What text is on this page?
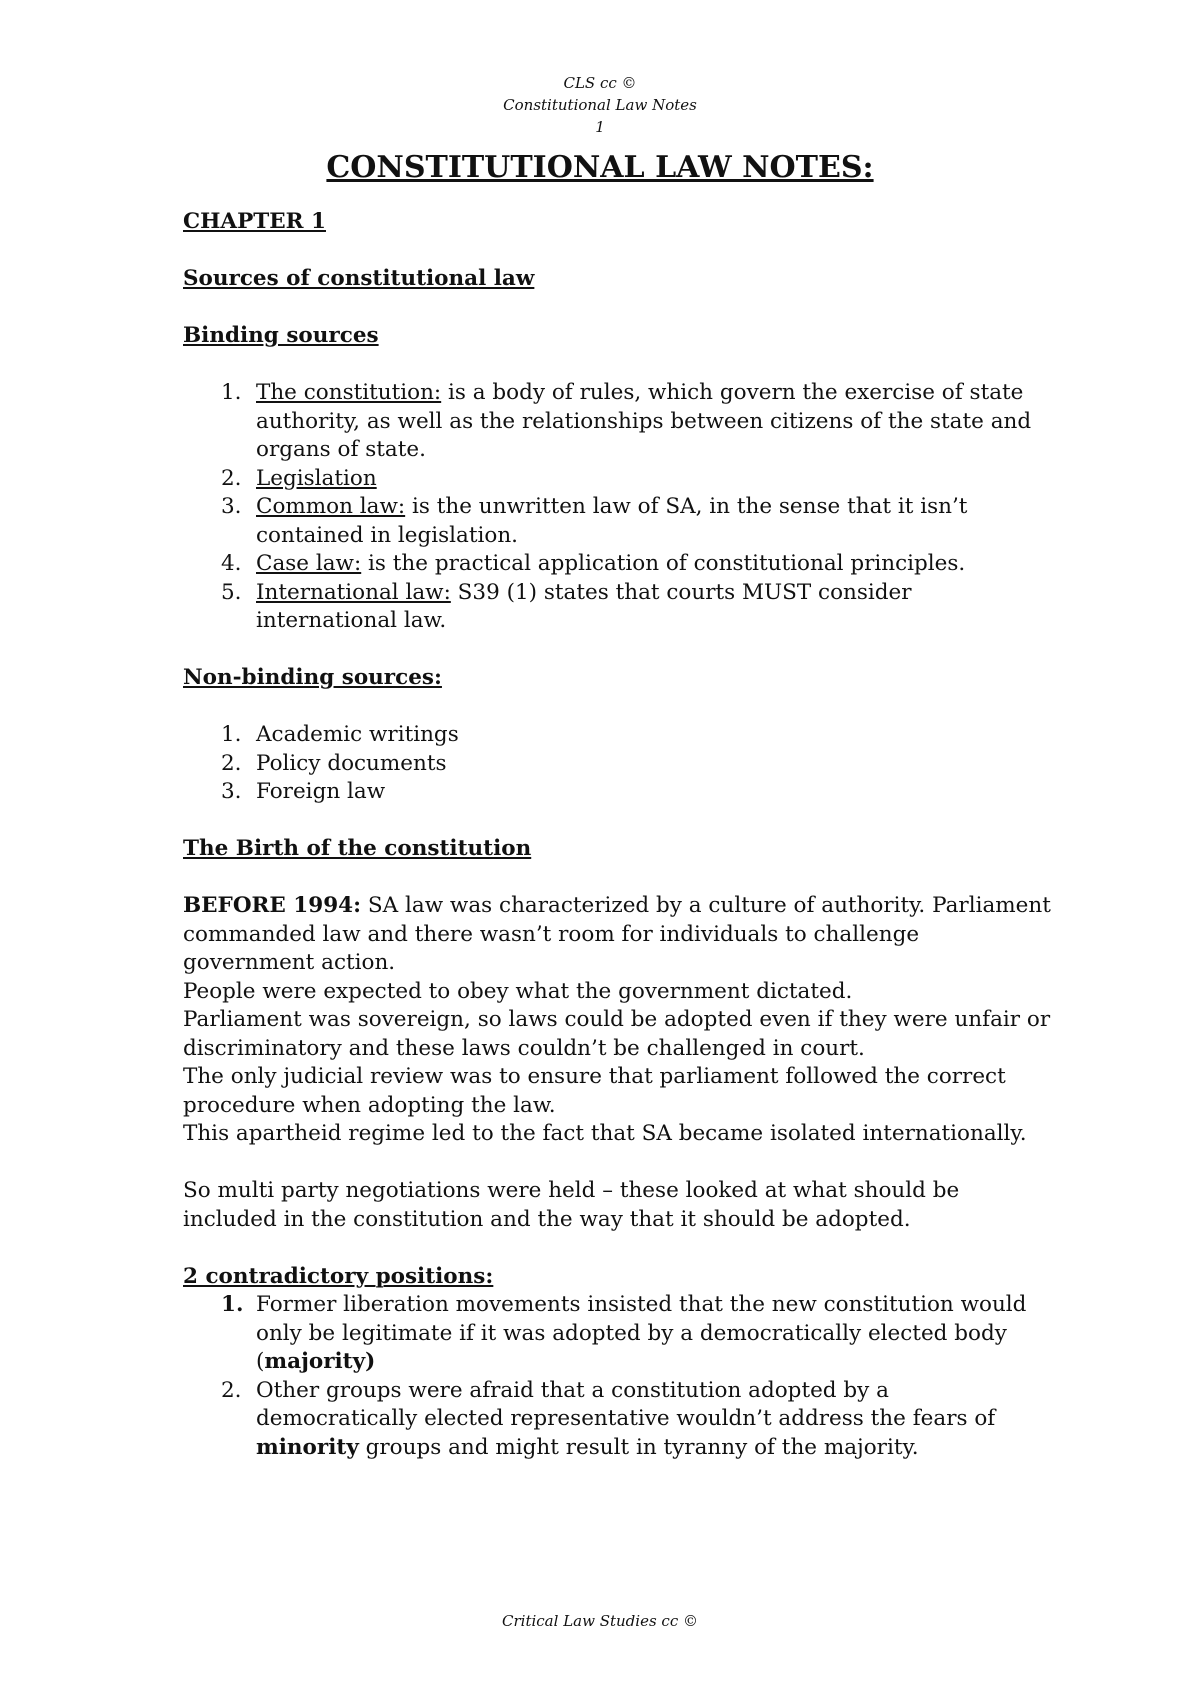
CLS cc ©
Constitutional Law Notes
1
CONSTITUTIONAL LAW NOTES:

CHAPTER 1

Sources of constitutional law

Binding sources

1. The constitution: is a body of rules, which govern the exercise of state authority, as well as the relationships between citizens of the state and organs of state.
2. Legislation
3. Common law: is the unwritten law of SA, in the sense that it isn’t contained in legislation.
4. Case law: is the practical application of constitutional principles.
5. International law: S39 (1) states that courts MUST consider international law.

Non-binding sources:

1. Academic writings
2. Policy documents
3. Foreign law

The Birth of the constitution

BEFORE 1994: SA law was characterized by a culture of authority. Parliament commanded law and there wasn’t room for individuals to challenge government action.

People were expected to obey what the government dictated.

Parliament was sovereign, so laws could be adopted even if they were unfair or discriminatory and these laws couldn’t be challenged in court.

The only judicial review was to ensure that parliament followed the correct procedure when adopting the law.

This apartheid regime led to the fact that SA became isolated internationally.

So multi party negotiations were held – these looked at what should be included in the constitution and the way that it should be adopted.

2 contradictory positions:

1. Former liberation movements insisted that the new constitution would only be legitimate if it was adopted by a democratically elected body (majority)
2. Other groups were afraid that a constitution adopted by a democratically elected representative wouldn’t address the fears of minority groups and might result in tyranny of the majority.
Critical Law Studies cc ©
